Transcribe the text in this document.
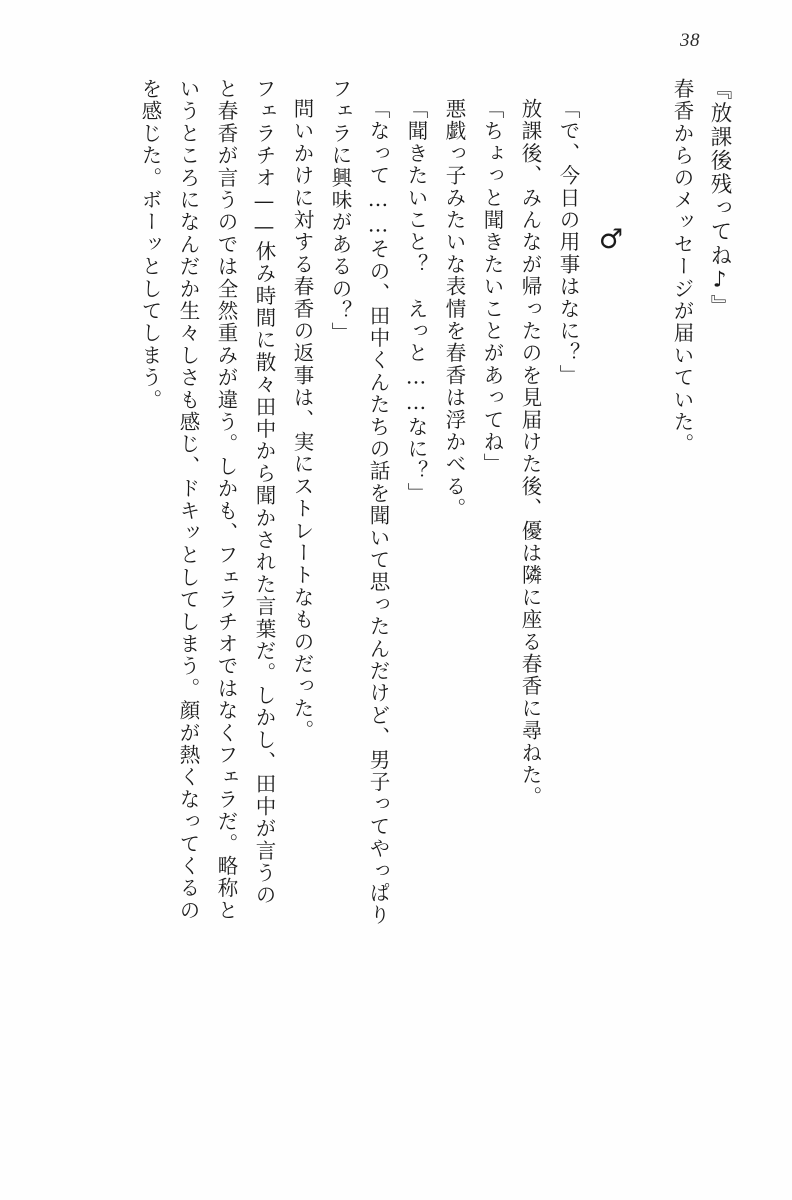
38
『放課後残ってね♪』
春香からのメッセージが届いていた。
♂
「で、今日の用事はなに？」
放課後、みんなが帰ったのを見届けた後、優は隣に座る春香に尋ねた。
「ちょっと聞きたいことがあってね」
悪戯っ子みたいな表情を春香は浮かべる。
「聞きたいこと？　えっと……なに？」
「なって……その、田中くんたちの話を聞いて思ったんだけど、男子ってやっぱり
フェラに興味があるの？」
問いかけに対する春香の返事は、実にストレートなものだった。
フェラチオ——休み時間に散々田中から聞かされた言葉だ。しかし、田中が言うの
と春香が言うのでは全然重みが違う。しかも、フェラチオではなくフェラだ。略称と
いうところになんだか生々しさも感じ、ドキッとしてしまう。顔が熱くなってくるの
を感じた。ボーッとしてしまう。
